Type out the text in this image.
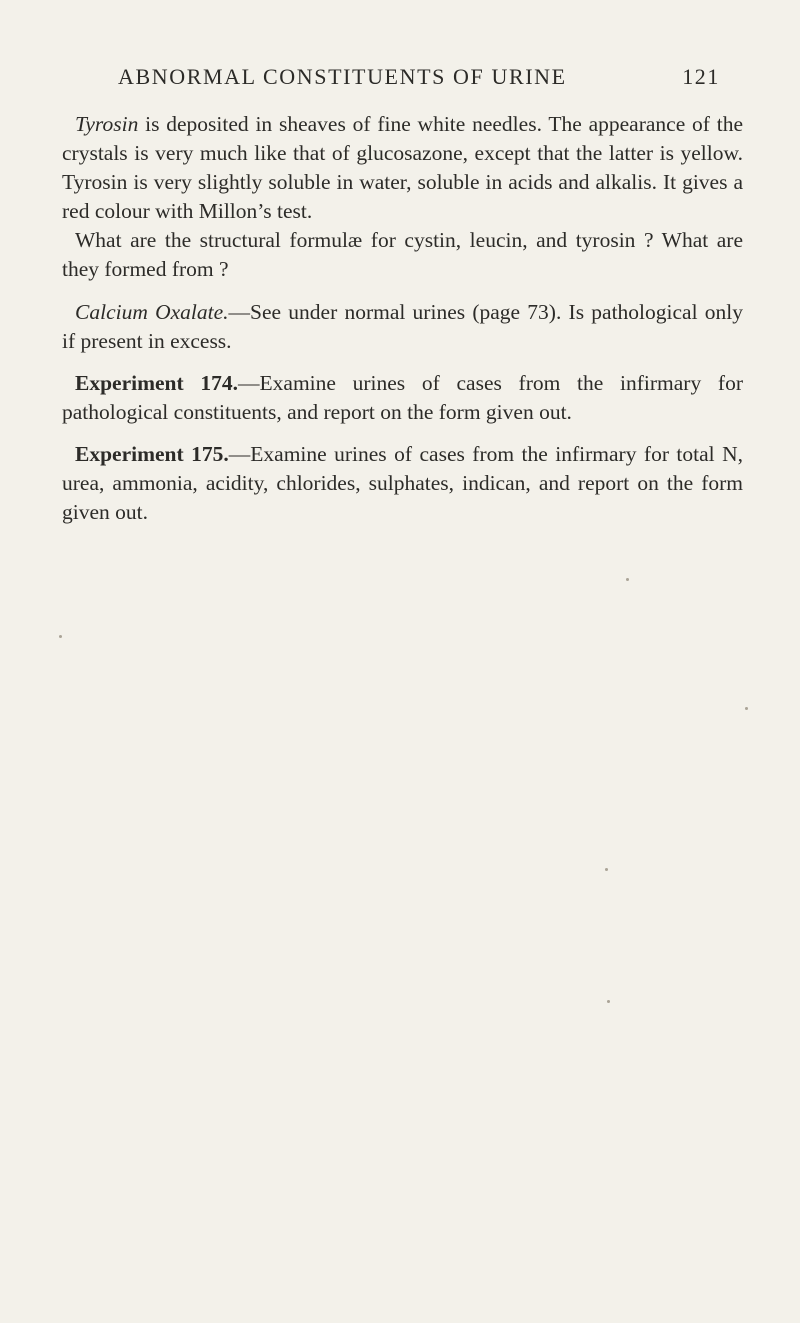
ABNORMAL CONSTITUENTS OF URINE	121

Tyrosin is deposited in sheaves of fine white needles. The appearance of the crystals is very much like that of glucosazone, except that the latter is yellow. Tyrosin is very slightly soluble in water, soluble in acids and alkalis. It gives a red colour with Millon’s test.

What are the structural formulæ for cystin, leucin, and tyrosin ? What are they formed from ?

Calcium Oxalate.—See under normal urines (page 73). Is pathological only if present in excess.

Experiment 174.—Examine urines of cases from the infirmary for pathological constituents, and report on the form given out.

Experiment 175.—Examine urines of cases from the infirmary for total N, urea, ammonia, acidity, chlorides, sulphates, indican, and report on the form given out.
